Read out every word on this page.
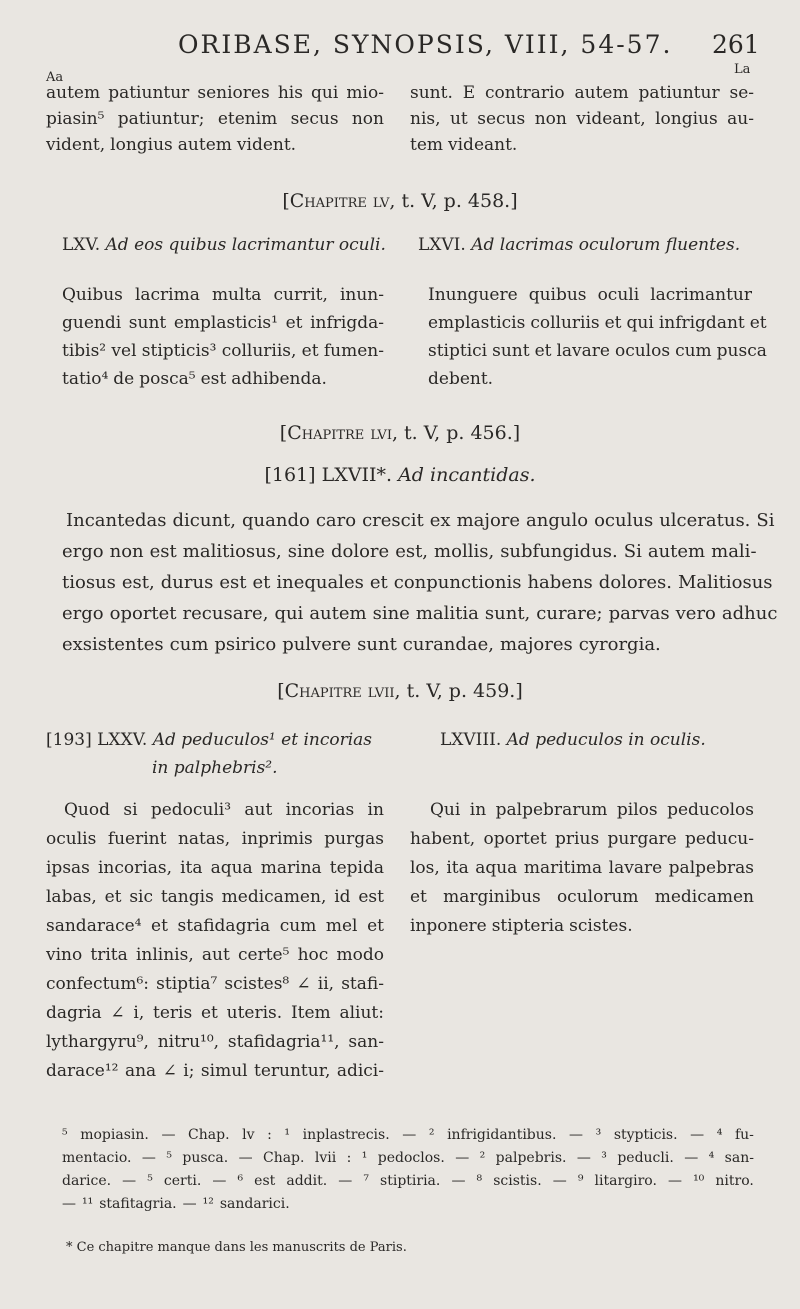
ORIBASE, SYNOPSIS, VIII, 54-57. 261
Aa
La
autem patiuntur seniores his qui mio-
piasin⁵ patiuntur; etenim secus non
vident, longius autem vident.
sunt. E contrario autem patiuntur se-
nis, ut secus non videant, longius au-
tem videant.
[Chapitre lv, t. V, p. 458.]
LXV. Ad eos quibus lacrimantur oculi.
Quibus lacrima multa currit, inun-
guendi sunt emplasticis¹ et infrigda-
tibis² vel stipticis³ colluriis, et fumen-
tatio⁴ de posca⁵ est adhibenda.
LXVI. Ad lacrimas oculorum fluentes.
Inunguere quibus oculi lacrimantur
emplasticis colluriis et qui infrigdant et
stiptici sunt et lavare oculos cum pusca
debent.
[Chapitre lvi, t. V, p. 456.]
[161] LXVII*. Ad incantidas.
Incantedas dicunt, quando caro crescit ex majore angulo oculus ulceratus. Si
ergo non est malitiosus, sine dolore est, mollis, subfungidus. Si autem mali-
tiosus est, durus est et inequales et conpunctionis habens dolores. Malitiosus
ergo oportet recusare, qui autem sine malitia sunt, curare; parvas vero adhuc
exsistentes cum psirico pulvere sunt curandae, majores cyrorgia.
[Chapitre lvii, t. V, p. 459.]
[193] LXXV. Ad peduculos¹ et incorias
in palphebris².
Quod si pedoculi³ aut incorias in
oculis fuerint natas, inprimis purgas
ipsas incorias, ita aqua marina tepida
labas, et sic tangis medicamen, id est
sandarace⁴ et stafidagria cum mel et
vino trita inlinis, aut certe⁵ hoc modo
confectum⁶: stiptia⁷ scistes⁸ ∠ ii, stafi-
dagria ∠ i, teris et uteris. Item aliut:
lythargyru⁹, nitru¹⁰, stafidagria¹¹, san-
darace¹² ana ∠ i; simul teruntur, adici-
LXVIII. Ad peduculos in oculis.
Qui in palpebrarum pilos peducolos
habent, oportet prius purgare peducu-
los, ita aqua maritima lavare palpebras
et marginibus oculorum medicamen
inponere stipteria scistes.
⁵ mopiasin. — Chap. lv : ¹ inplastrecis. — ² infrigidantibus. — ³ stypticis. — ⁴ fu-
mentacio. — ⁵ pusca. — Chap. lvii : ¹ pedoclos. — ² palpebris. — ³ peducli. — ⁴ san-
darice. — ⁵ certi. — ⁶ est addit. — ⁷ stiptiria. — ⁸ scistis. — ⁹ litargiro. — ¹⁰ nitro.
— ¹¹ stafitagria. — ¹² sandarici.
* Ce chapitre manque dans les manuscrits de Paris.
